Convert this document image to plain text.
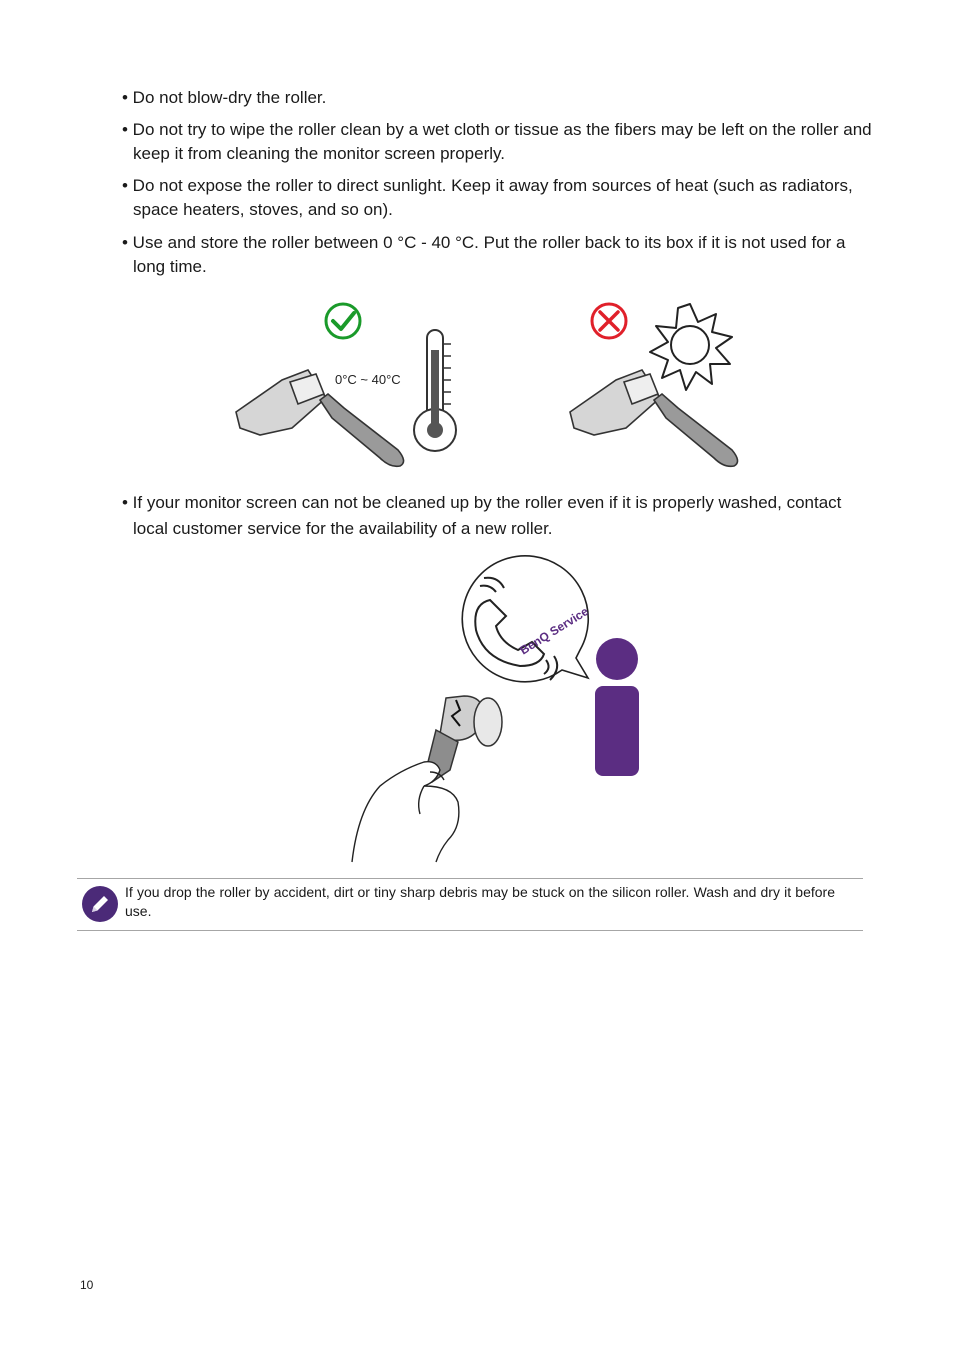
• Do not blow-dry the roller.
• Do not try to wipe the roller clean by a wet cloth or tissue as the fibers may be left on the roller and keep it from cleaning the monitor screen properly.
• Do not expose the roller to direct sunlight. Keep it away from sources of heat (such as radiators, space heaters, stoves, and so on).
• Use and store the roller between 0 °C - 40 °C. Put the roller back to its box if it is not used for a long time.
0°C ~ 40°C
• If your monitor screen can not be cleaned up by the roller even if it is properly washed, contact local customer service for the availability of a new roller.
BenQ Service
If you drop the roller by accident, dirt or tiny sharp debris may be stuck on the silicon roller. Wash and dry it before use.
10
